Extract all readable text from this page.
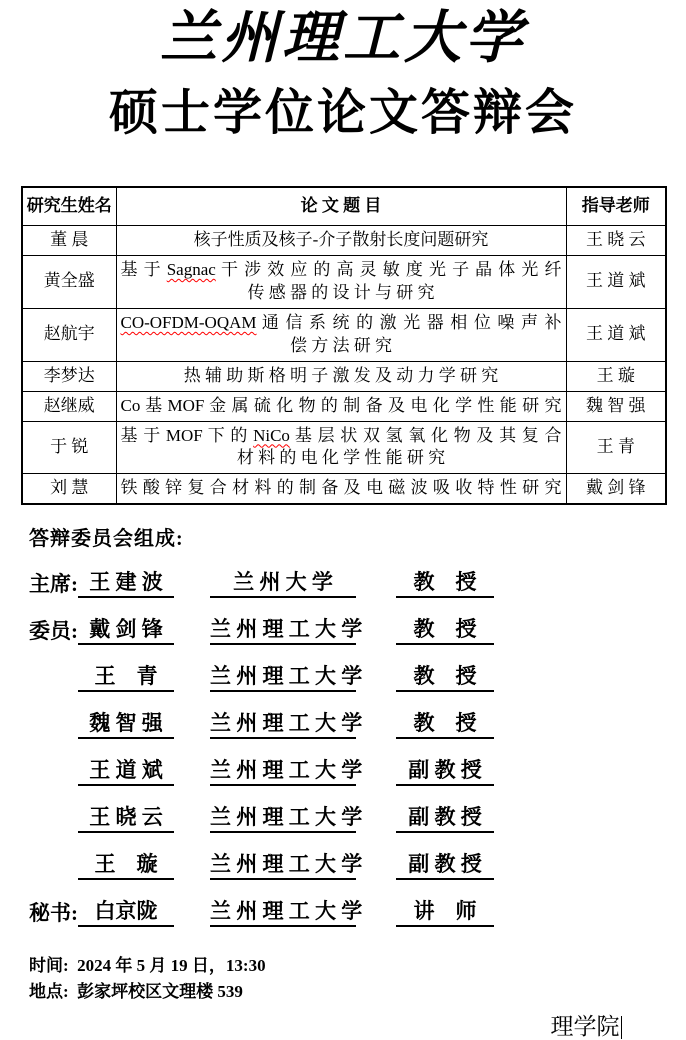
兰州理工大学
硕士学位论文答辩会
研究生姓名	论 文 题 目	指导老师
董 晨	核子性质及核子-介子散射长度问题研究	王 晓 云
黄全盛	基 于 Sagnac 干 涉 效 应 的 高 灵 敏 度 光 子 晶 体 光 纤
传 感 器 的 设 计 与 研 究	王 道 斌
赵航宇	CO-OFDM-OQAM 通 信 系 统 的 激 光 器 相 位 噪 声 补
偿 方 法 研 究	王 道 斌
李梦达	热 辅 助 斯 格 明 子 激 发 及 动 力 学 研 究	王 璇
赵继威	Co 基 MOF 金 属 硫 化 物 的 制 备 及 电 化 学 性 能 研 究	魏 智 强
于 锐	基 于 MOF 下 的 NiCo 基 层 状 双 氢 氧 化 物 及 其 复 合
材 料 的 电 化 学 性 能 研 究	王 青
刘 慧	铁 酸 锌 复 合 材 料 的 制 备 及 电 磁 波 吸 收 特 性 研 究	戴 剑 锋
答辩委员会组成:
主席: 王 建 波	兰 州 大 学	教　授
委员: 戴 剑 锋	兰 州 理 工 大 学	教　授
王　青	兰 州 理 工 大 学	教　授
魏 智 强	兰 州 理 工 大 学	教　授
王 道 斌	兰 州 理 工 大 学	副 教 授
王 晓 云	兰 州 理 工 大 学	副 教 授
王　璇	兰 州 理 工 大 学	副 教 授
秘书: 白京陇	兰 州 理 工 大 学	讲　师
时间:  2024 年 5 月 19 日，13:30
地点:  彭家坪校区文理楼 539
理学院
